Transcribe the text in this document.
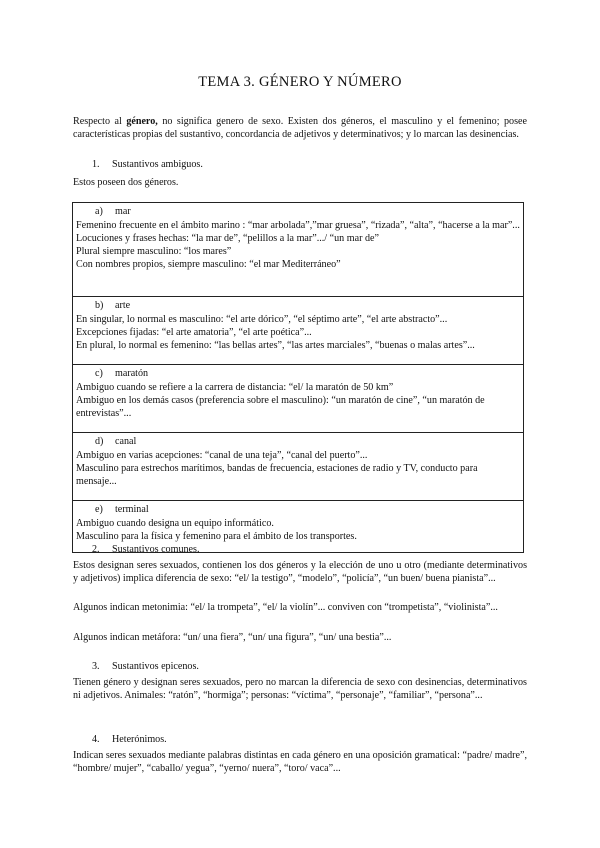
TEMA 3. GÉNERO Y NÚMERO
Respecto al género, no significa genero de sexo. Existen dos géneros, el masculino y el femenino; posee características propias del sustantivo, concordancia de adjetivos y determinativos; y lo marcan las desinencias.
1. Sustantivos ambiguos.
Estos poseen dos géneros.
a) mar
Femenino frecuente en el ámbito marino : “mar arbolada”,”mar gruesa”, “rizada”, “alta”, “hacerse a la mar”...
Locuciones y frases hechas: “la mar de”, “pelillos a la mar”.../ “un mar de”
Plural siempre masculino: “los mares”
Con nombres propios, siempre masculino: “el mar Mediterráneo”
b) arte
En singular, lo normal es masculino: “el arte dórico”, “el séptimo arte”, “el arte abstracto”...
Excepciones fijadas: “el arte amatoria”, “el arte poética”...
En plural, lo normal es femenino: “las bellas artes”, “las artes marciales”, “buenas o malas artes”...
c) maratón
Ambiguo cuando se refiere a la carrera de distancia: “el/ la maratón de 50 km”
Ambiguo en los demás casos (preferencia sobre el masculino): “un maratón de cine”, “un maratón de entrevistas”...
d) canal
Ambiguo en varias acepciones: “canal de una teja”, “canal del puerto”...
Masculino para estrechos marítimos, bandas de frecuencia, estaciones de radio y TV, conducto para mensaje...
e) terminal
Ambiguo cuando designa un equipo informático.
Masculino para la física y femenino para el ámbito de los transportes.
2. Sustantivos comunes.
Estos designan seres sexuados, contienen los dos géneros y la elección de uno u otro (mediante determinativos y adjetivos) implica diferencia de sexo: “el/ la testigo”, “modelo”, “policía”, “un buen/ buena pianista”...
Algunos indican metonimia: “el/ la trompeta”, “el/ la violín”... conviven con “trompetista”, “violinista”...
Algunos indican metáfora: “un/ una fiera”, “un/ una figura”, “un/ una bestia”...
3. Sustantivos epicenos.
Tienen género y designan seres sexuados, pero no marcan la diferencia de sexo con desinencias, determinativos ni adjetivos. Animales: “ratón”, “hormiga”; personas: “víctima”, “personaje”, “familiar”, “persona”...
4. Heterónimos.
Indican seres sexuados mediante palabras distintas en cada género en una oposición gramatical: “padre/ madre”, “hombre/ mujer”, “caballo/ yegua”, “yerno/ nuera”, “toro/ vaca”...
